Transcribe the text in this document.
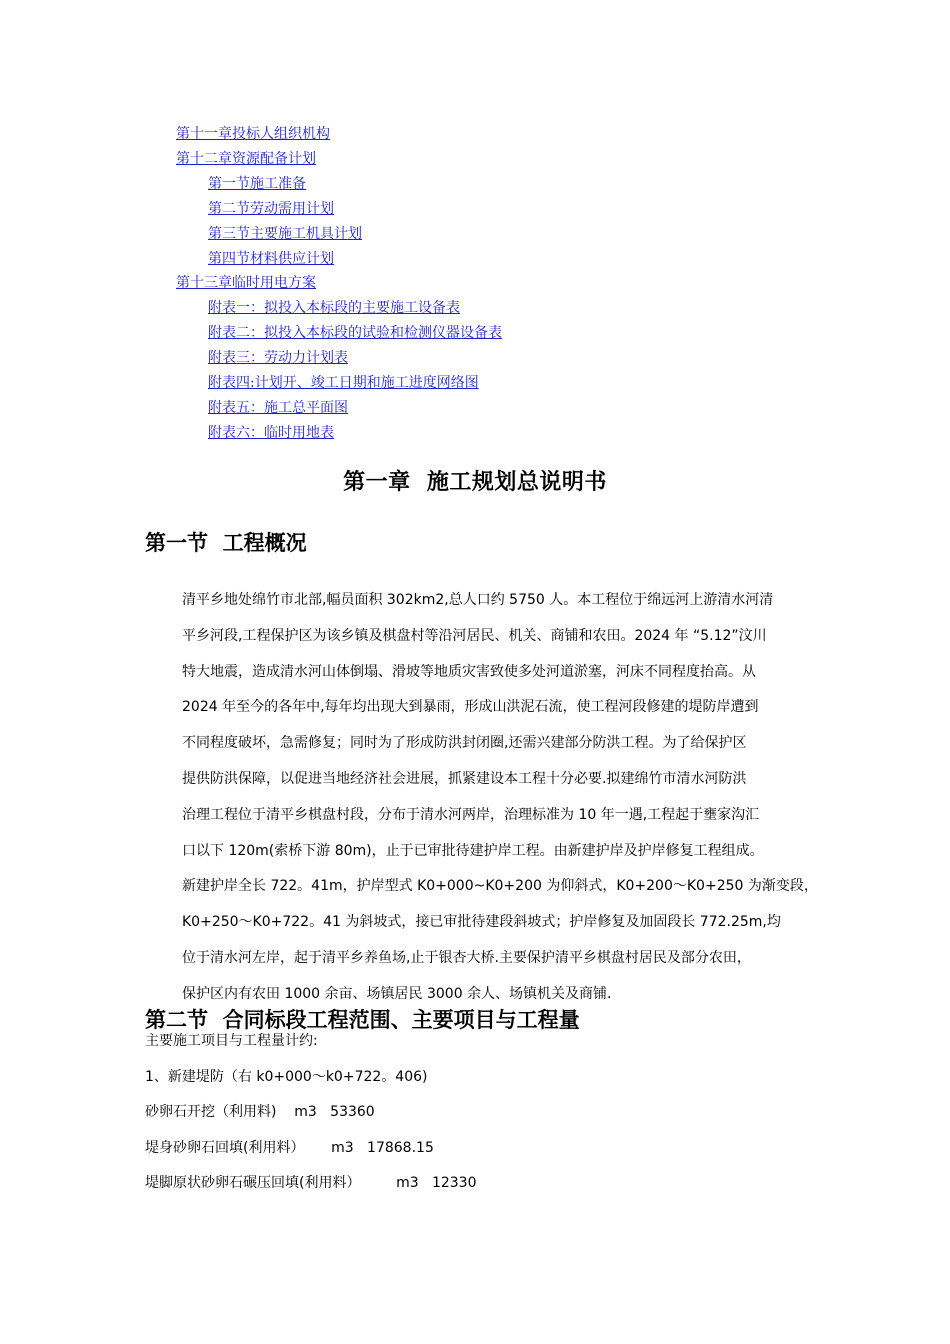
第十一章投标人组织机构
第十二章资源配备计划
第一节施工准备
第二节劳动需用计划
第三节主要施工机具计划
第四节材料供应计划
第十三章临时用电方案
附表一：拟投入本标段的主要施工设备表
附表二：拟投入本标段的试验和检测仪器设备表
附表三：劳动力计划表
附表四:计划开、竣工日期和施工进度网络图
附表五：施工总平面图
附表六：临时用地表
第一章  施工规划总说明书
第一节  工程概况
清平乡地处绵竹市北部,幅员面积 302km2,总人口约 5750 人。本工程位于绵远河上游清水河清
平乡河段,工程保护区为该乡镇及棋盘村等沿河居民、机关、商铺和农田。2024 年 “5.12”汶川
特大地震，造成清水河山体倒塌、滑坡等地质灾害致使多处河道淤塞，河床不同程度抬高。从
2024 年至今的各年中,每年均出现大到暴雨，形成山洪泥石流，使工程河段修建的堤防岸遭到
不同程度破坏，急需修复；同时为了形成防洪封闭圈,还需兴建部分防洪工程。为了给保护区
提供防洪保障，以促进当地经济社会进展，抓紧建设本工程十分必要.拟建绵竹市清水河防洪
治理工程位于清平乡棋盘村段，分布于清水河两岸，治理标准为 10 年一遇,工程起于壅家沟汇
口以下 120m(索桥下游 80m)，止于已审批待建护岸工程。由新建护岸及护岸修复工程组成。
新建护岸全长 722。41m，护岸型式 K0+000~K0+200 为仰斜式，K0+200～K0+250 为渐变段，
K0+250～K0+722。41 为斜坡式，接已审批待建段斜坡式；护岸修复及加固段长 772.25m,均
位于清水河左岸，起于清平乡养鱼场,止于银杏大桥.主要保护清平乡棋盘村居民及部分农田，
保护区内有农田 1000 余亩、场镇居民 3000 余人、场镇机关及商铺.
第二节  合同标段工程范围、主要项目与工程量
主要施工项目与工程量计约:
1、新建堤防（右 k0+000～k0+722。406)
砂卵石开挖（利用料)    m3   53360
堤身砂卵石回填(利用料）      m3   17868.15
堤脚原状砂卵石碾压回填(利用料）        m3   12330
